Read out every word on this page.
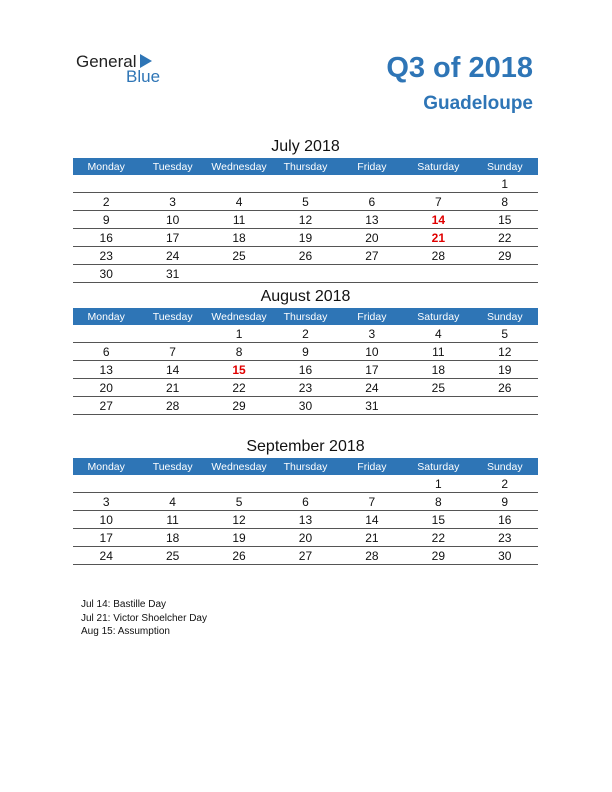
General
Blue	Q3 of 2018
Guadeloupe
July 2018
Monday	Tuesday	Wednesday	Thursday	Friday	Saturday	Sunday
						1
2	3	4	5	6	7	8
9	10	11	12	13	14	15
16	17	18	19	20	21	22
23	24	25	26	27	28	29
30	31					
August 2018
Monday	Tuesday	Wednesday	Thursday	Friday	Saturday	Sunday
		1	2	3	4	5
6	7	8	9	10	11	12
13	14	15	16	17	18	19
20	21	22	23	24	25	26
27	28	29	30	31		
September 2018
Monday	Tuesday	Wednesday	Thursday	Friday	Saturday	Sunday
					1	2
3	4	5	6	7	8	9
10	11	12	13	14	15	16
17	18	19	20	21	22	23
24	25	26	27	28	29	30
Jul 14: Bastille Day
Jul 21: Victor Shoelcher Day
Aug 15: Assumption
